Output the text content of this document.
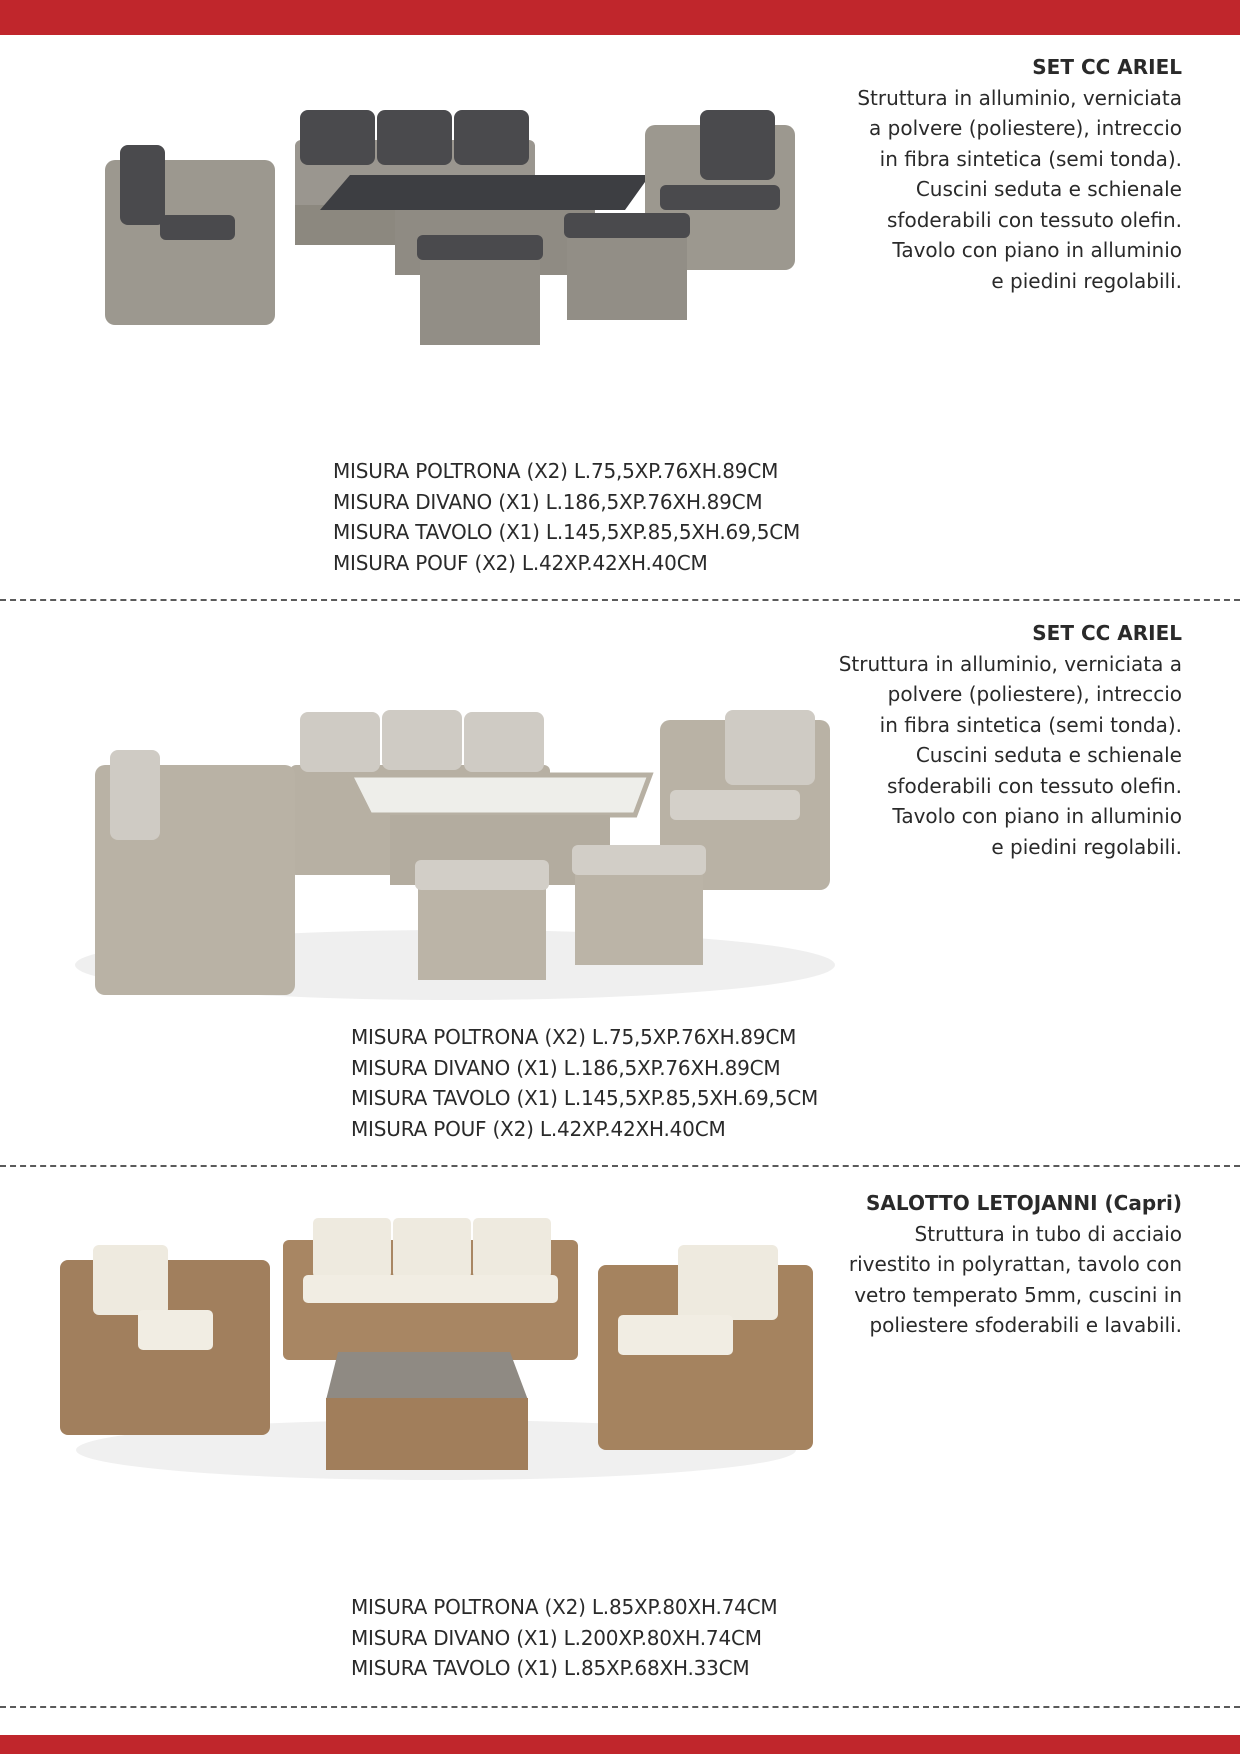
SET CC ARIEL

Struttura in alluminio, verniciata

a polvere (poliestere), intreccio

in fibra sintetica (semi tonda).

Cuscini seduta e schienale

sfoderabili con tessuto olefin.

Tavolo con piano in alluminio

e piedini regolabili.

MISURA POLTRONA (X2) L.75,5XP.76XH.89CM
MISURA DIVANO (X1) L.186,5XP.76XH.89CM
MISURA TAVOLO (X1) L.145,5XP.85,5XH.69,5CM
MISURA POUF (X2) L.42XP.42XH.40CM

SET CC ARIEL

Struttura in alluminio, verniciata a

polvere (poliestere), intreccio

in fibra sintetica (semi tonda).

Cuscini seduta e schienale

sfoderabili con tessuto olefin.

Tavolo con piano in alluminio

e piedini regolabili.

MISURA POLTRONA (X2) L.75,5XP.76XH.89CM
MISURA DIVANO (X1) L.186,5XP.76XH.89CM
MISURA TAVOLO (X1) L.145,5XP.85,5XH.69,5CM
MISURA POUF (X2) L.42XP.42XH.40CM

SALOTTO LETOJANNI (Capri)

Struttura in tubo di acciaio

rivestito in polyrattan, tavolo con

vetro temperato 5mm, cuscini in

poliestere sfoderabili e lavabili.

MISURA POLTRONA (X2) L.85XP.80XH.74CM
MISURA DIVANO (X1) L.200XP.80XH.74CM
MISURA TAVOLO (X1) L.85XP.68XH.33CM
